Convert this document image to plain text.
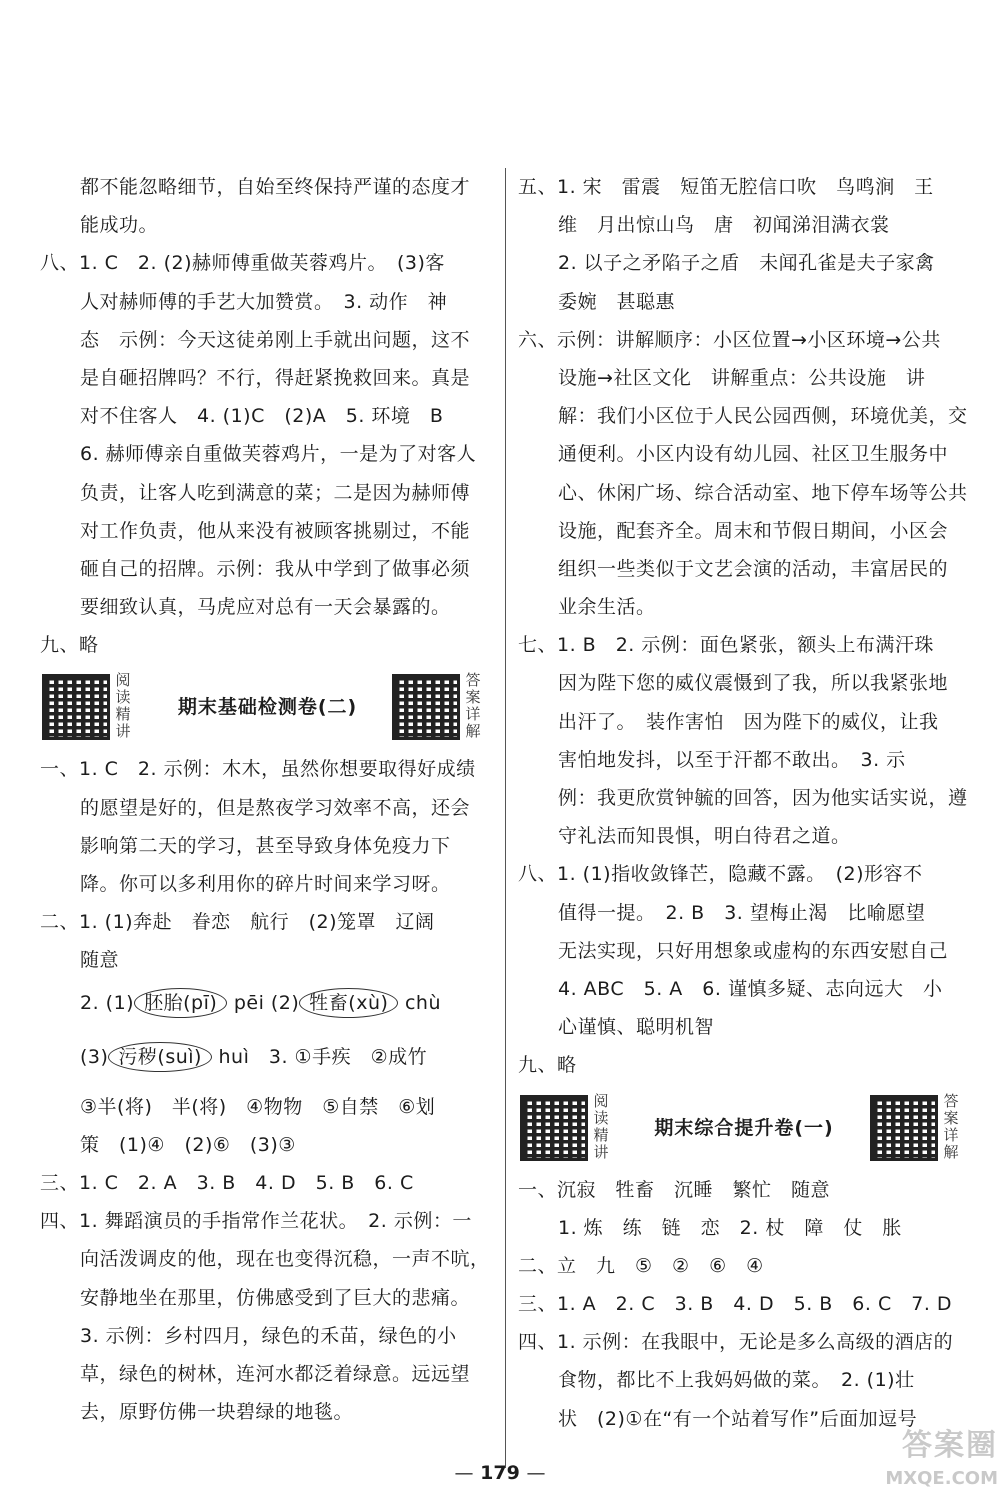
都不能忽略细节，自始至终保持严谨的态度才
能成功。
八、1. C　2. (2)赫师傅重做芙蓉鸡片。　(3)客
人对赫师傅的手艺大加赞赏。　3. 动作　神
态　示例：今天这徒弟刚上手就出问题，这不
是自砸招牌吗？不行，得赶紧挽救回来。真是
对不住客人　4. (1)C　(2)A　5. 环境　B
6. 赫师傅亲自重做芙蓉鸡片，一是为了对客人
负责，让客人吃到满意的菜；二是因为赫师傅
对工作负责，他从来没有被顾客挑剔过，不能
砸自己的招牌。示例：我从中学到了做事必须
要细致认真，马虎应对总有一天会暴露的。
九、略
阅读精讲
期末基础检测卷(二)
答案详解
一、1. C　2. 示例：木木，虽然你想要取得好成绩
的愿望是好的，但是熬夜学习效率不高，还会
影响第二天的学习，甚至导致身体免疫力下
降。你可以多利用你的碎片时间来学习呀。
二、1. (1)奔赴　眷恋　航行　(2)笼罩　辽阔
随意
2. (1) 胚胎(pī) pēi (2) 牲畜(xù) chù
(3) 污秽(suì) huì　3. ①手疾　②成竹
③半(将)　半(将)　④物物　⑤自禁　⑥划
策　(1)④　(2)⑥　(3)③
三、1. C　2. A　3. B　4. D　5. B　6. C
四、1. 舞蹈演员的手指常作兰花状。　2. 示例：一
向活泼调皮的他，现在也变得沉稳，一声不吭，
安静地坐在那里，仿佛感受到了巨大的悲痛。
3. 示例：乡村四月，绿色的禾苗，绿色的小
草，绿色的树林，连河水都泛着绿意。远远望
去，原野仿佛一块碧绿的地毯。
五、1. 宋　雷震　短笛无腔信口吹　鸟鸣涧　王
维　月出惊山鸟　唐　初闻涕泪满衣裳
2. 以子之矛陷子之盾　未闻孔雀是夫子家禽
委婉　甚聪惠
六、示例：讲解顺序：小区位置→小区环境→公共
设施→社区文化　讲解重点：公共设施　讲
解：我们小区位于人民公园西侧，环境优美，交
通便利。小区内设有幼儿园、社区卫生服务中
心、休闲广场、综合活动室、地下停车场等公共
设施，配套齐全。周末和节假日期间，小区会
组织一些类似于文艺会演的活动，丰富居民的
业余生活。
七、1. B　2. 示例：面色紧张，额头上布满汗珠
因为陛下您的威仪震慑到了我，所以我紧张地
出汗了。　装作害怕　因为陛下的威仪，让我
害怕地发抖，以至于汗都不敢出。　3. 示
例：我更欣赏钟毓的回答，因为他实话实说，遵
守礼法而知畏惧，明白待君之道。
八、1. (1)指收敛锋芒，隐藏不露。　(2)形容不
值得一提。　2. B　3. 望梅止渴　比喻愿望
无法实现，只好用想象或虚构的东西安慰自己
4. ABC　5. A　6. 谨慎多疑、志向远大　小
心谨慎、聪明机智
九、略
阅读精讲
期末综合提升卷(一)
答案详解
一、沉寂　牲畜　沉睡　繁忙　随意
1. 炼　练　链　恋　2. 杖　障　仗　胀
二、立　九　⑤　②　⑥　④
三、1. A　2. C　3. B　4. D　5. B　6. C　7. D
四、1. 示例：在我眼中，无论是多么高级的酒店的
食物，都比不上我妈妈做的菜。　2. (1)壮
状　(2)①在“有一个站着写作”后面加逗号
— 179 —
答案圈
MXQE.COM
